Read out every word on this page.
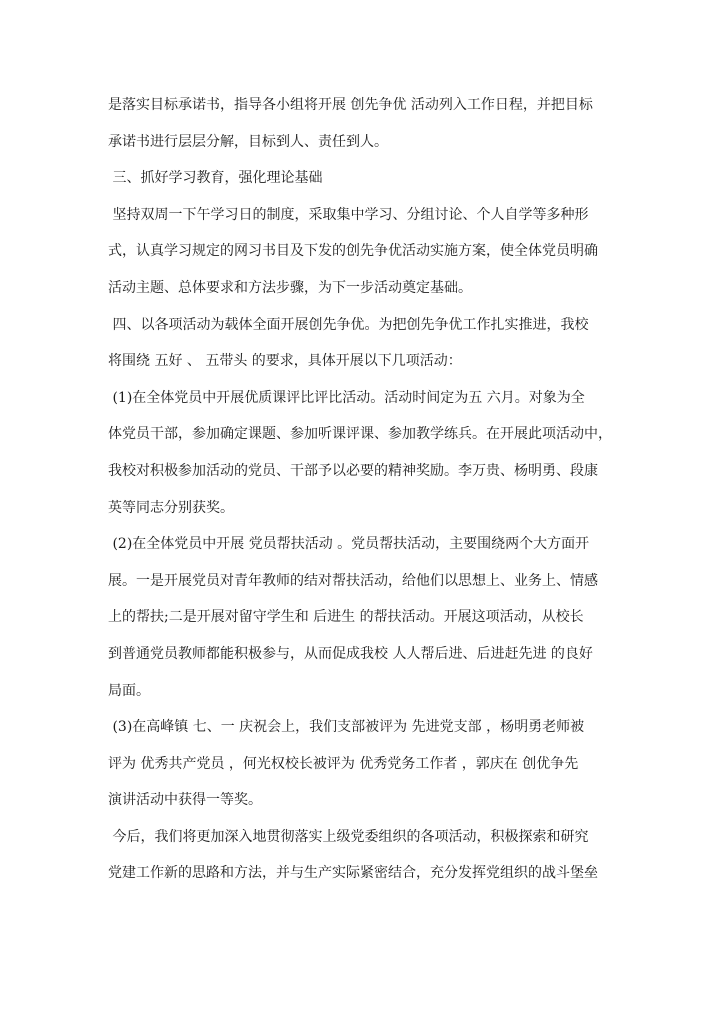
是落实目标承诺书，指导各小组将开展 创先争优 活动列入工作日程，并把目标
承诺书进行层层分解，目标到人、责任到人。
三、抓好学习教育，强化理论基础
坚持双周一下午学习日的制度，采取集中学习、分组讨论、个人自学等多种形
式，认真学习规定的网习书目及下发的创先争优活动实施方案，使全体党员明确
活动主题、总体要求和方法步骤，为下一步活动奠定基础。
四、以各项活动为载体全面开展创先争优。为把创先争优工作扎实推进，我校
将围绕 五好 、 五带头 的要求，具体开展以下几项活动：
(1)在全体党员中开展优质课评比评比活动。活动时间定为五 六月。对象为全
体党员干部，参加确定课题、参加听课评课、参加教学练兵。在开展此项活动中，
我校对积极参加活动的党员、干部予以必要的精神奖励。李万贵、杨明勇、段康
英等同志分别获奖。
(2)在全体党员中开展 党员帮扶活动 。党员帮扶活动，主要围绕两个大方面开
展。一是开展党员对青年教师的结对帮扶活动，给他们以思想上、业务上、情感
上的帮扶;二是开展对留守学生和 后进生 的帮扶活动。开展这项活动，从校长
到普通党员教师都能积极参与，从而促成我校 人人帮后进、后进赶先进 的良好
局面。
(3)在高峰镇 七、一 庆祝会上，我们支部被评为 先进党支部 ，杨明勇老师被
评为 优秀共产党员 ，何光权校长被评为 优秀党务工作者 ，郭庆在 创优争先
演讲活动中获得一等奖。
今后，我们将更加深入地贯彻落实上级党委组织的各项活动，积极探索和研究
党建工作新的思路和方法，并与生产实际紧密结合，充分发挥党组织的战斗堡垒
